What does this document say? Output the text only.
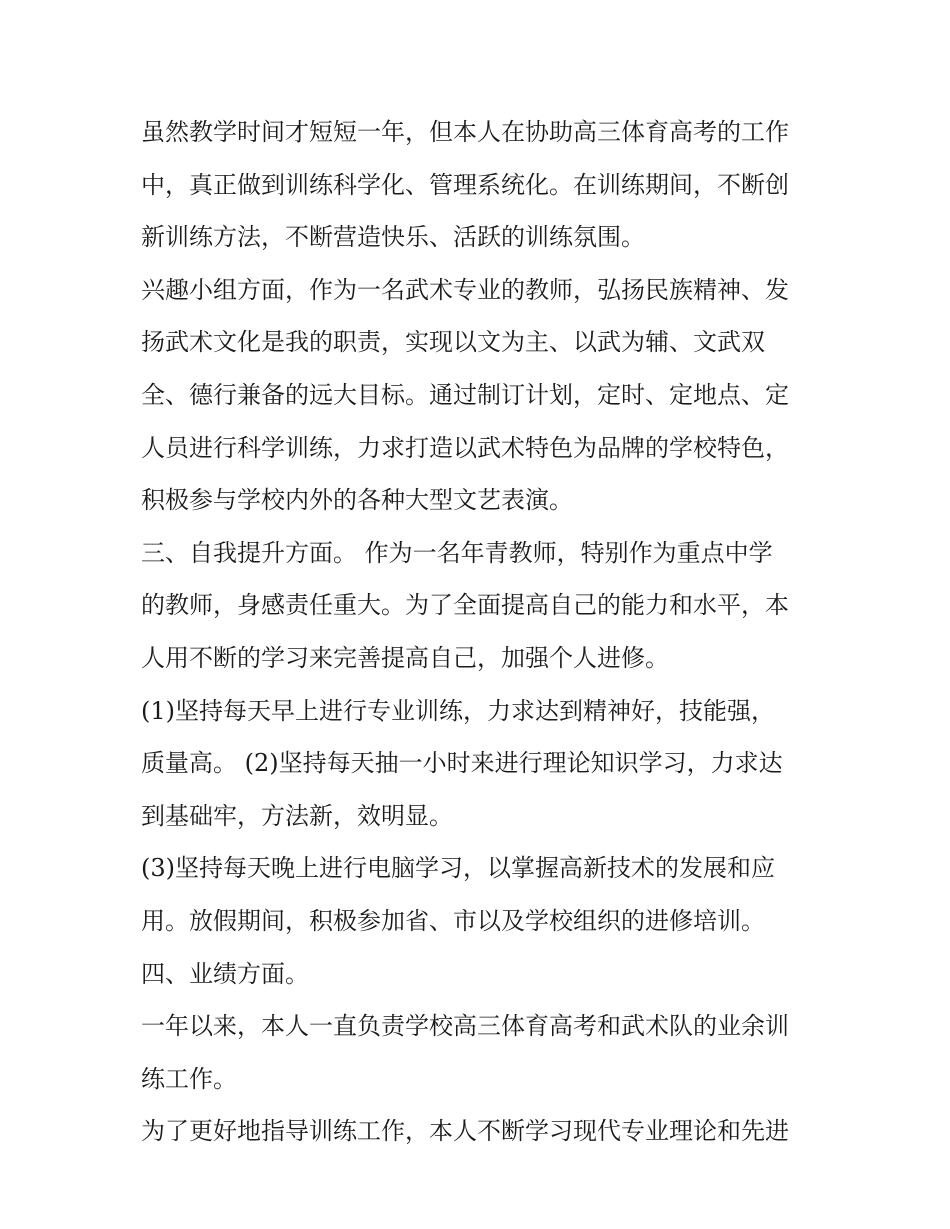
虽然教学时间才短短一年，但本人在协助高三体育高考的工作
中，真正做到训练科学化、管理系统化。在训练期间，不断创
新训练方法，不断营造快乐、活跃的训练氛围。
兴趣小组方面，作为一名武术专业的教师，弘扬民族精神、发
扬武术文化是我的职责，实现以文为主、以武为辅、文武双
全、德行兼备的远大目标。通过制订计划，定时、定地点、定
人员进行科学训练，力求打造以武术特色为品牌的学校特色，
积极参与学校内外的各种大型文艺表演。
三、自我提升方面。 作为一名年青教师，特别作为重点中学
的教师，身感责任重大。为了全面提高自己的能力和水平，本
人用不断的学习来完善提高自己，加强个人进修。
(1)坚持每天早上进行专业训练，力求达到精神好，技能强，
质量高。 (2)坚持每天抽一小时来进行理论知识学习，力求达
到基础牢，方法新，效明显。
(3)坚持每天晚上进行电脑学习，以掌握高新技术的发展和应
用。放假期间，积极参加省、市以及学校组织的进修培训。
四、业绩方面。
一年以来，本人一直负责学校高三体育高考和武术队的业余训
练工作。
为了更好地指导训练工作，本人不断学习现代专业理论和先进
